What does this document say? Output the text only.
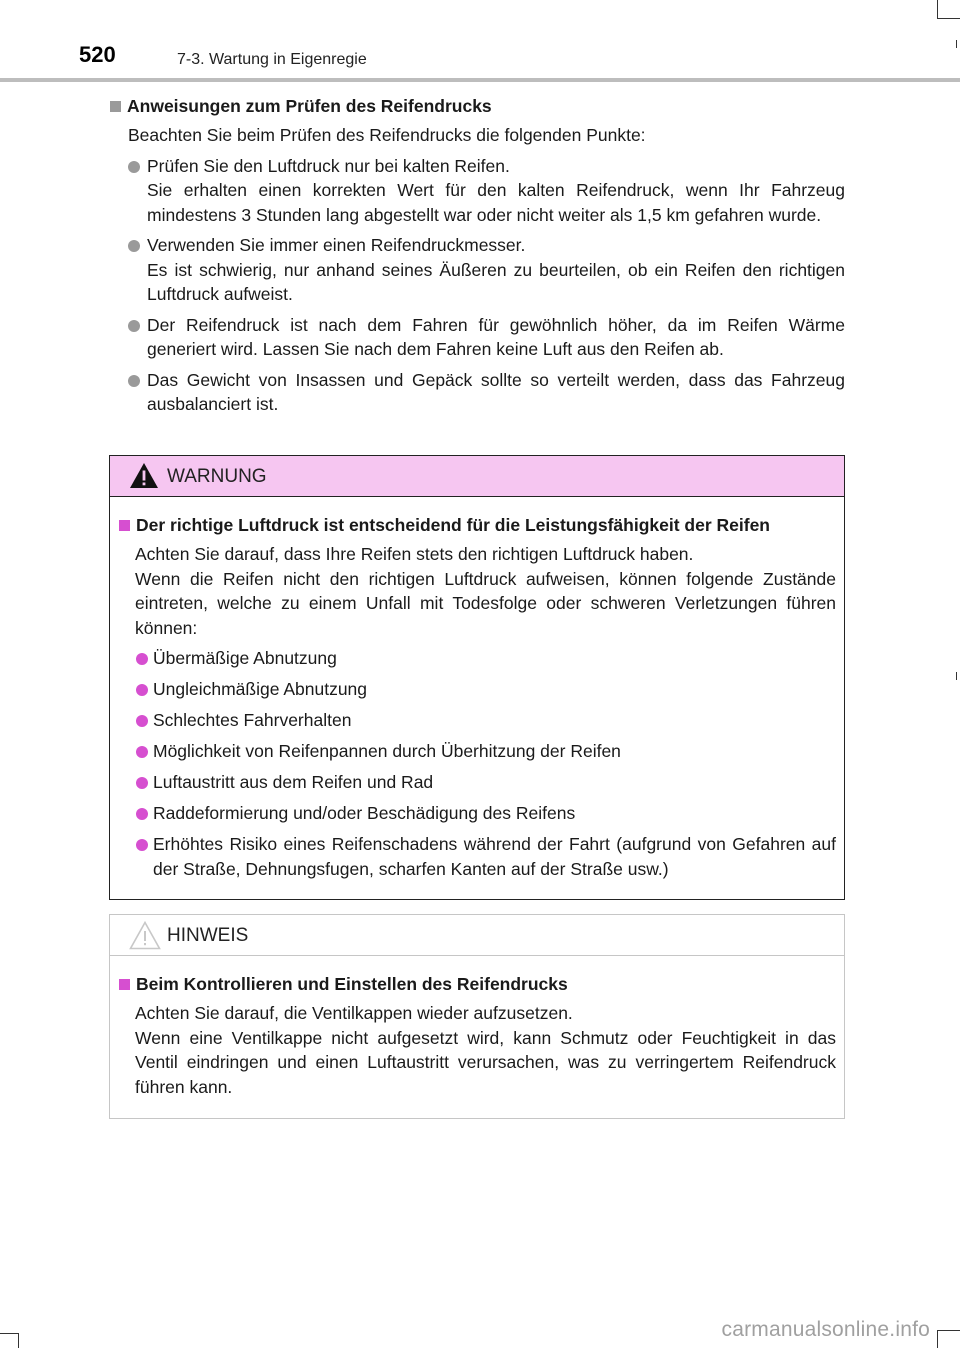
520	7-3. Wartung in Eigenregie
Anweisungen zum Prüfen des Reifendrucks
Beachten Sie beim Prüfen des Reifendrucks die folgenden Punkte:
Prüfen Sie den Luftdruck nur bei kalten Reifen.
Sie erhalten einen korrekten Wert für den kalten Reifendruck, wenn Ihr Fahrzeug mindestens 3 Stunden lang abgestellt war oder nicht weiter als 1,5 km gefahren wurde.
Verwenden Sie immer einen Reifendruckmesser.
Es ist schwierig, nur anhand seines Äußeren zu beurteilen, ob ein Reifen den richtigen Luftdruck aufweist.
Der Reifendruck ist nach dem Fahren für gewöhnlich höher, da im Reifen Wärme generiert wird. Lassen Sie nach dem Fahren keine Luft aus den Reifen ab.
Das Gewicht von Insassen und Gepäck sollte so verteilt werden, dass das Fahrzeug ausbalanciert ist.
WARNUNG
Der richtige Luftdruck ist entscheidend für die Leistungsfähigkeit der Reifen
Achten Sie darauf, dass Ihre Reifen stets den richtigen Luftdruck haben.
Wenn die Reifen nicht den richtigen Luftdruck aufweisen, können folgende Zustände eintreten, welche zu einem Unfall mit Todesfolge oder schweren Verletzungen führen können:
Übermäßige Abnutzung
Ungleichmäßige Abnutzung
Schlechtes Fahrverhalten
Möglichkeit von Reifenpannen durch Überhitzung der Reifen
Luftaustritt aus dem Reifen und Rad
Raddeformierung und/oder Beschädigung des Reifens
Erhöhtes Risiko eines Reifenschadens während der Fahrt (aufgrund von Gefahren auf der Straße, Dehnungsfugen, scharfen Kanten auf der Straße usw.)
HINWEIS
Beim Kontrollieren und Einstellen des Reifendrucks
Achten Sie darauf, die Ventilkappen wieder aufzusetzen.
Wenn eine Ventilkappe nicht aufgesetzt wird, kann Schmutz oder Feuchtigkeit in das Ventil eindringen und einen Luftaustritt verursachen, was zu verringertem Reifendruck führen kann.
carmanualsonline.info
